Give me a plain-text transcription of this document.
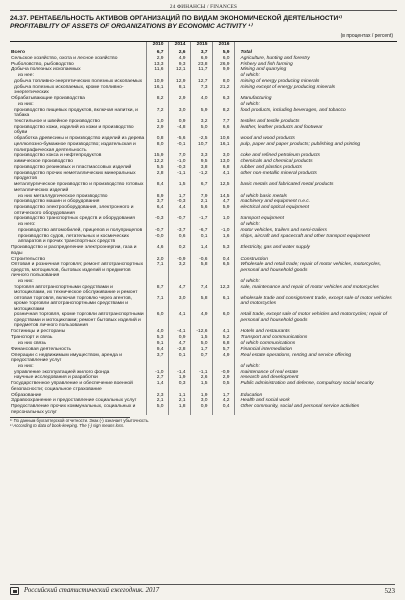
24 ФИНАНСЫ / FINANCES
24.37. РЕНТАБЕЛЬНОСТЬ АКТИВОВ ОРГАНИЗАЦИЙ ПО ВИДАМ ЭКОНОМИЧЕСКОЙ ДЕЯТЕЛЬНОСТИ¹⁾
PROFITABILITY OF ASSETS OF ORGANIZATIONS BY ECONOMIC ACTIVITY ¹⁾
(в процентах / percent)
	2010	2014	2015	2016	
Всего	6,7	2,6	3,7	5,9	Total
Сельское хозяйство, охота и лесное хозяйство	2,9	4,9	6,9	6,0	Agriculture, hunting and forestry
Рыболовство, рыбоводство	13,3	9,3	23,8	26,9	Fishery and fish farming
Добыча полезных ископаемых	11,6	12,1	11,7	9,9	Mining and quarrying
из нее:					of which:
добыча топливно-энергетических полезных ископаемых	10,9	12,9	12,7	8,0	mining of energy producing minerals
добыча полезных ископаемых, кроме топливно-энергетических	16,1	8,1	7,3	21,2	mining except of energy producing minerals
Обрабатывающие производства	8,2	2,9	4,0	6,3	Manufacturing
из них:					of which:
производство пищевых продуктов, включая напитки, и табака	7,2	3,0	5,9	8,2	food products, including beverages, and tobacco
текстильное и швейное производство	1,0	0,9	3,2	7,7	textiles and textile products
производство кожи, изделий из кожи и производство обуви	2,9	-4,8	5,0	6,6	leather, leather products and footwear
обработка древесины и производство изделий из дерева	0,8	-5,6	-2,5	10,6	wood and wood products
целлюлозно-бумажное производство; издательская и полиграфическая деятельность	8,0	-0,1	10,7	16,1	pulp, paper and paper products; publishing and printing
производство кокса и нефтепродуктов	15,9	7,0	3,3	3,0	coke and refined petroleum products
химическое производство	12,2	-1,0	9,5	13,0	chemicals and chemical products
производство резиновых и пластмассовых изделий	5,5	-0,3	3,8	6,8	rubber and plastics products
производство прочих неметаллических минеральных продуктов	2,8	-1,1	-1,2	4,1	other non-metallic mineral products
металлургическое производство и производство готовых металлических изделий	8,4	1,5	6,7	12,5	basic metals and fabricated metal products
из них металлургическое производство	8,9	1,7	7,9	14,5	of which basic metals
производство машин и оборудования	3,7	-0,3	2,1	4,7	machinery and equipment n.e.c.
производство электрооборудования, электронного и оптического оборудования	6,4	4,4	5,6	5,9	electrical and optical equipment
производство транспортных средств и оборудования	-0,3	-0,7	-1,7	1,0	transport equipment
из него:					of which:
производство автомобилей, прицепов и полуприцепов	-0,7	-3,7	-6,7	-1,0	motor vehicles, trailers and semi-trailers
производство судов, летательных и космических аппаратов и прочих транспортных средств	-0,0	0,6	0,1	1,6	ships, aircraft and spacecraft and other transport equipment
Производство и распределение электроэнергии, газа и воды	4,6	0,2	1,4	5,3	Electricity, gas and water supply
Строительство	2,0	-0,9	-0,6	0,4	Construction
Оптовая и розничная торговля; ремонт автотранспортных средств, мотоциклов, бытовых изделий и предметов личного пользования	7,1	3,2	5,8	6,5	Wholesale and retail trade; repair of motor vehicles, motorcycles, personal and household goods
из них:					of which:
торговля автотранспортными средствами и мотоциклами, их техническое обслуживание и ремонт	8,7	4,7	7,4	12,3	sale, maintenance and repair of motor vehicles and motorcycles
оптовая торговля, включая торговлю через агентов, кроме торговли автотранспортными средствами и мотоциклами	7,1	3,0	5,8	6,1	wholesale trade and consignment trade, except sale of motor vehicles and motorcycles
розничная торговля, кроме торговли автотранспортными средствами и мотоциклами; ремонт бытовых изделий и предметов личного пользования	6,0	4,1	4,9	6,0	retail trade, except sale of motor vehicles and motorcycles; repair of personal and household goods
Гостиницы и рестораны	4,0	-4,1	-12,6	4,1	Hotels and restaurants
Транспорт и связь	5,3	0,9	1,5	5,2	Transport and communications
из них связь	9,1	4,7	5,0	6,8	of which communications
Финансовая деятельность	9,4	-2,8	1,7	5,7	Financial intermediation
Операции с недвижимым имуществом, аренда и предоставление услуг	3,7	0,1	0,7	4,9	Real estate operations, renting and service offering
из них:					of which:
управление эксплуатацией жилого фонда	-1,0	-1,4	-1,1	-0,9	maintenance of real estate
научные исследования и разработки	2,7	1,9	2,6	2,9	research and development
Государственное управление и обеспечение военной безопасности; социальное страхование	1,4	0,3	1,5	0,5	Public administration and defense, compulsory social security
Образование	2,3	1,1	1,9	1,7	Education
Здравоохранение и предоставление социальных услуг	2,1	2,1	3,0	4,2	Health and social work
Предоставление прочих коммунальных, социальных и персональных услуг	5,0	1,8	0,9	0,4	Other community, social and personal service activities
¹⁾ По данным бухгалтерской отчетности. Знак (-) означает убыточность.
¹⁾ According to data of book-keeping. The (-) sign means loss.
Российский статистический ежегодник. 2017	523
